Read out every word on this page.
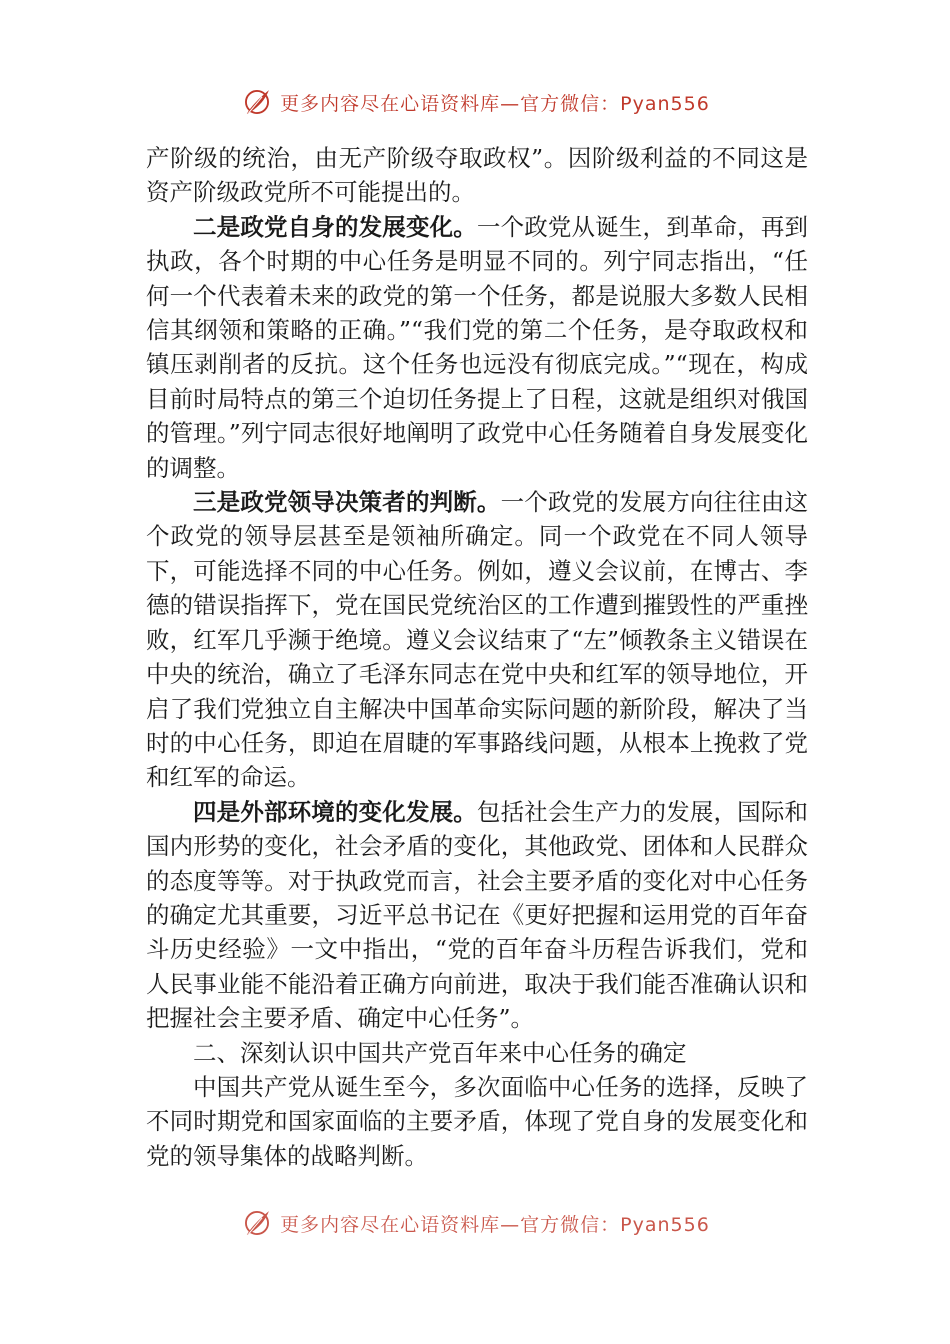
更多内容尽在心语资料库—官方微信：Pyan556

产阶级的统治，由无产阶级夺取政权”。因阶级利益的不同这是资产阶级政党所不可能提出的。

二是政党自身的发展变化。一个政党从诞生，到革命，再到执政，各个时期的中心任务是明显不同的。列宁同志指出，“任何一个代表着未来的政党的第一个任务，都是说服大多数人民相信其纲领和策略的正确。”“我们党的第二个任务，是夺取政权和镇压剥削者的反抗。这个任务也远没有彻底完成。”“现在，构成目前时局特点的第三个迫切任务提上了日程，这就是组织对俄国的管理。”列宁同志很好地阐明了政党中心任务随着自身发展变化的调整。

三是政党领导决策者的判断。一个政党的发展方向往往由这个政党的领导层甚至是领袖所确定。同一个政党在不同人领导下，可能选择不同的中心任务。例如，遵义会议前，在博古、李德的错误指挥下，党在国民党统治区的工作遭到摧毁性的严重挫败，红军几乎濒于绝境。遵义会议结束了“左”倾教条主义错误在中央的统治，确立了毛泽东同志在党中央和红军的领导地位，开启了我们党独立自主解决中国革命实际问题的新阶段，解决了当时的中心任务，即迫在眉睫的军事路线问题，从根本上挽救了党和红军的命运。

四是外部环境的变化发展。包括社会生产力的发展，国际和国内形势的变化，社会矛盾的变化，其他政党、团体和人民群众的态度等等。对于执政党而言，社会主要矛盾的变化对中心任务的确定尤其重要，习近平总书记在《更好把握和运用党的百年奋斗历史经验》一文中指出，“党的百年奋斗历程告诉我们，党和人民事业能不能沿着正确方向前进，取决于我们能否准确认识和把握社会主要矛盾、确定中心任务”。

二、深刻认识中国共产党百年来中心任务的确定

中国共产党从诞生至今，多次面临中心任务的选择，反映了不同时期党和国家面临的主要矛盾，体现了党自身的发展变化和党的领导集体的战略判断。

更多内容尽在心语资料库—官方微信：Pyan556
